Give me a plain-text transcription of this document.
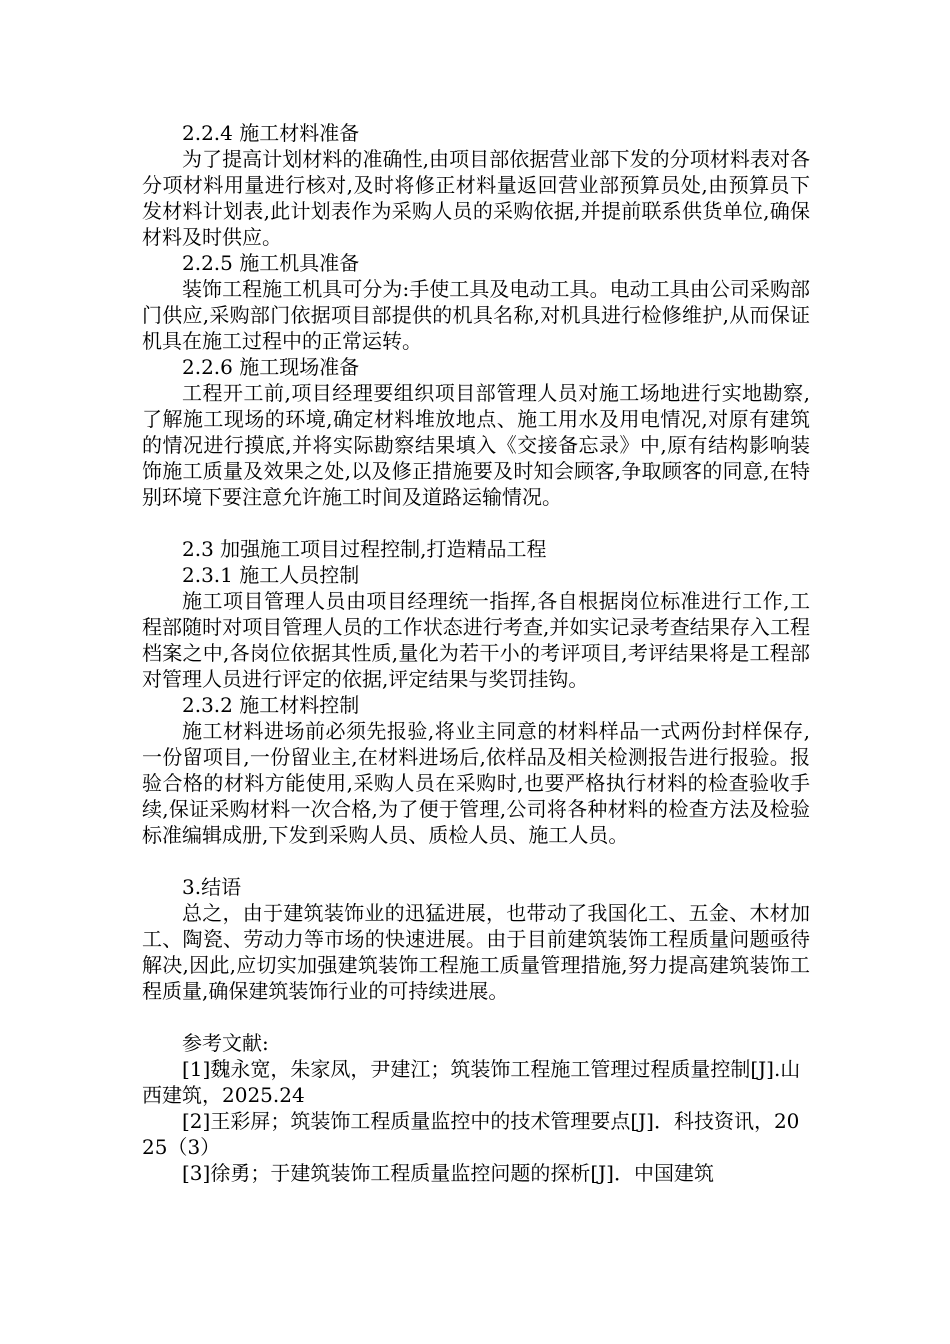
2.2.4 施工材料准备

为了提高计划材料的准确性,由项目部依据营业部下发的分项材料表对各分项材料用量进行核对,及时将修正材料量返回营业部预算员处,由预算员下发材料计划表,此计划表作为采购人员的采购依据,并提前联系供货单位,确保材料及时供应。

2.2.5 施工机具准备

装饰工程施工机具可分为:手使工具及电动工具。电动工具由公司采购部门供应,采购部门依据项目部提供的机具名称,对机具进行检修维护,从而保证机具在施工过程中的正常运转。

2.2.6 施工现场准备

工程开工前,项目经理要组织项目部管理人员对施工场地进行实地勘察,了解施工现场的环境,确定材料堆放地点、施工用水及用电情况,对原有建筑的情况进行摸底,并将实际勘察结果填入《交接备忘录》中,原有结构影响装饰施工质量及效果之处,以及修正措施要及时知会顾客,争取顾客的同意,在特别环境下要注意允许施工时间及道路运输情况。

2.3 加强施工项目过程控制,打造精品工程

2.3.1 施工人员控制

施工项目管理人员由项目经理统一指挥,各自根据岗位标准进行工作,工程部随时对项目管理人员的工作状态进行考查,并如实记录考查结果存入工程档案之中,各岗位依据其性质,量化为若干小的考评项目,考评结果将是工程部对管理人员进行评定的依据,评定结果与奖罚挂钩。

2.3.2 施工材料控制

施工材料进场前必须先报验,将业主同意的材料样品一式两份封样保存,一份留项目,一份留业主,在材料进场后,依样品及相关检测报告进行报验。报验合格的材料方能使用,采购人员在采购时,也要严格执行材料的检查验收手续,保证采购材料一次合格,为了便于管理,公司将各种材料的检查方法及检验标准编辑成册,下发到采购人员、质检人员、施工人员。

3.结语

总之，由于建筑装饰业的迅猛进展，也带动了我国化工、五金、木材加工、陶瓷、劳动力等市场的快速进展。由于目前建筑装饰工程质量问题亟待解决,因此,应切实加强建筑装饰工程施工质量管理措施,努力提高建筑装饰工程质量,确保建筑装饰行业的可持续进展。

参考文献:

[1]魏永宽，朱家凤，尹建江；筑装饰工程施工管理过程质量控制[J].山西建筑，2025.24

[2]王彩屏；筑装饰工程质量监控中的技术管理要点[J]．科技资讯，2025（3）

[3]徐勇；于建筑装饰工程质量监控问题的探析[J]．中国建筑
